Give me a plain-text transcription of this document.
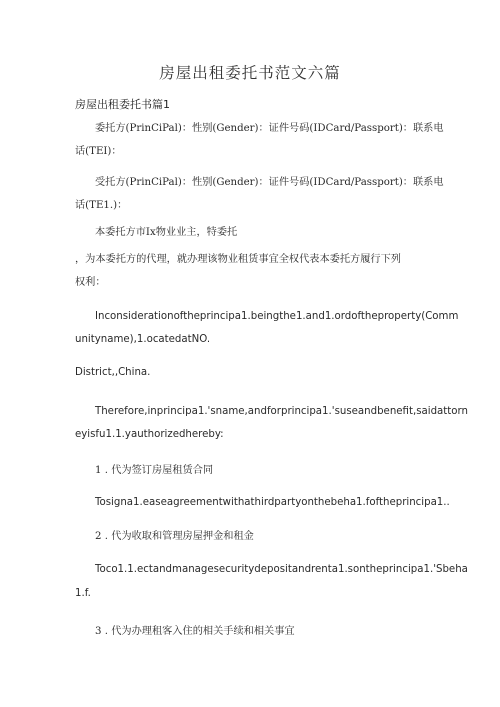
房屋出租委托书范文六篇
房屋出租委托书篇1
委托方(PrinCiPal)：性别(Gender)：证件号码(IDCard/Passport)：联系电
话(TEI)：
受托方(PrinCiPal)：性别(Gender)：证件号码(IDCard/Passport)：联系电
话(TE1.)：
本委托方市Ix物业业主，特委托
，为本委托方的代理，就办理该物业租赁事宜全权代表本委托方履行下列
权利：
Inconsiderationoftheprincipa1.beingthe1.and1.ordoftheproperty(Comm
unityname),1.ocatedatNO.
District,,China.
Therefore,inprincipa1.'sname,andforprincipa1.'suseandbenefit,saidattorn
eyisfu1.1.yauthorizedhereby:
1 . 代为签订房屋租赁合同
Tosigna1.easeagreementwithathirdpartyonthebeha1.foftheprincipa1..
2 . 代为收取和管理房屋押金和租金
Toco1.1.ectandmanagesecuritydepositandrenta1.sontheprincipa1.'Sbeha
1.f.
3 . 代为办理租客入住的相关手续和相关事宜
